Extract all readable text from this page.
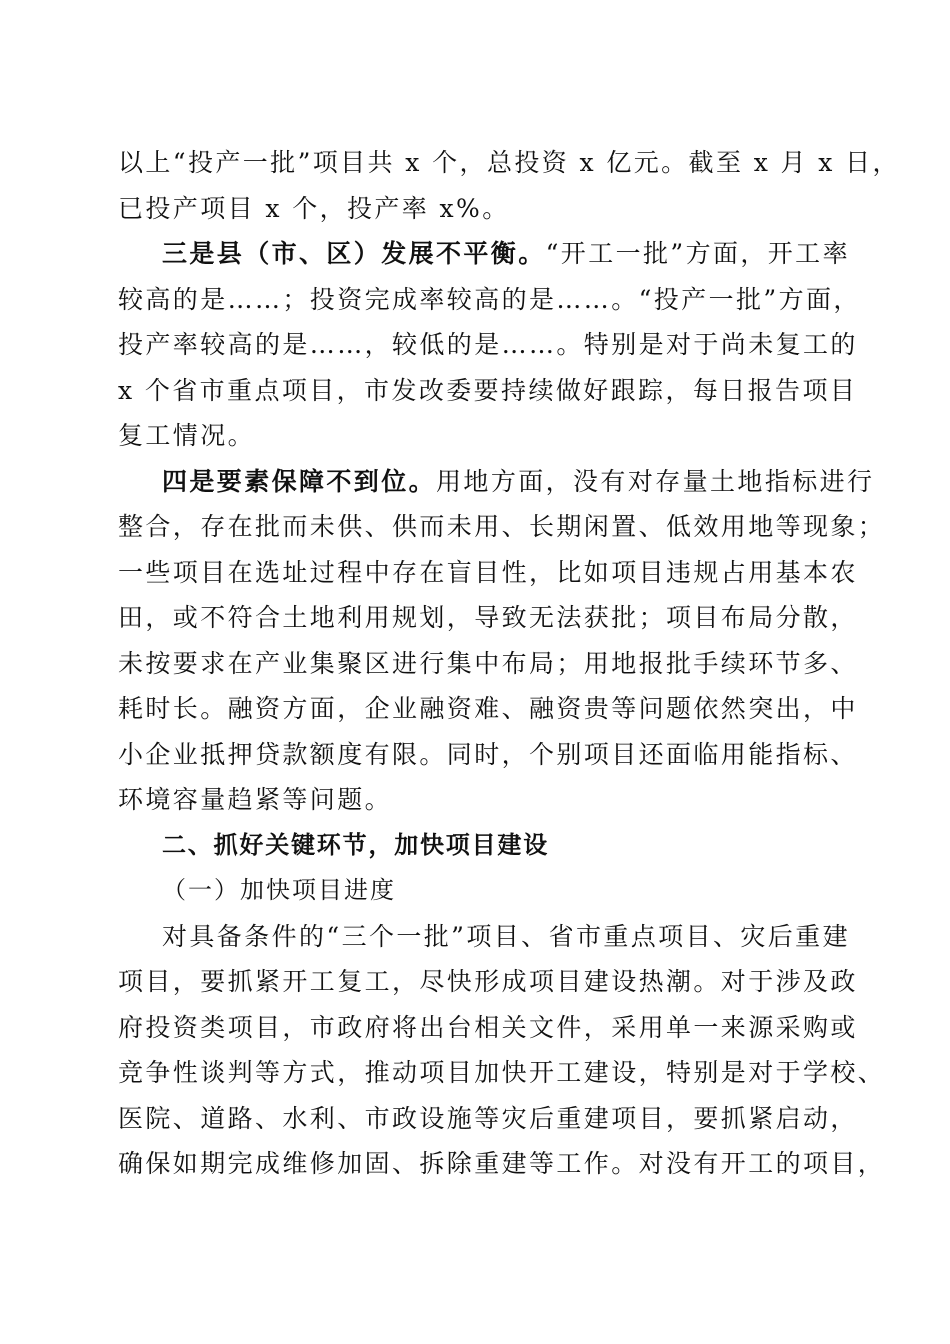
以上“投产一批”项目共 x 个，总投资 x 亿元。截至 x 月 x 日，

已投产项目 x 个，投产率 x%。

三是县（市、区）发展不平衡。“开工一批”方面，开工率

较高的是……；投资完成率较高的是……。“投产一批”方面，

投产率较高的是……，较低的是……。特别是对于尚未复工的

x 个省市重点项目，市发改委要持续做好跟踪，每日报告项目

复工情况。

四是要素保障不到位。用地方面，没有对存量土地指标进行

整合，存在批而未供、供而未用、长期闲置、低效用地等现象；

一些项目在选址过程中存在盲目性，比如项目违规占用基本农

田，或不符合土地利用规划，导致无法获批；项目布局分散，

未按要求在产业集聚区进行集中布局；用地报批手续环节多、

耗时长。融资方面，企业融资难、融资贵等问题依然突出，中

小企业抵押贷款额度有限。同时，个别项目还面临用能指标、

环境容量趋紧等问题。

二、抓好关键环节，加快项目建设

（一）加快项目进度

对具备条件的“三个一批”项目、省市重点项目、灾后重建

项目，要抓紧开工复工，尽快形成项目建设热潮。对于涉及政

府投资类项目，市政府将出台相关文件，采用单一来源采购或

竞争性谈判等方式，推动项目加快开工建设，特别是对于学校、

医院、道路、水利、市政设施等灾后重建项目，要抓紧启动，

确保如期完成维修加固、拆除重建等工作。对没有开工的项目，
